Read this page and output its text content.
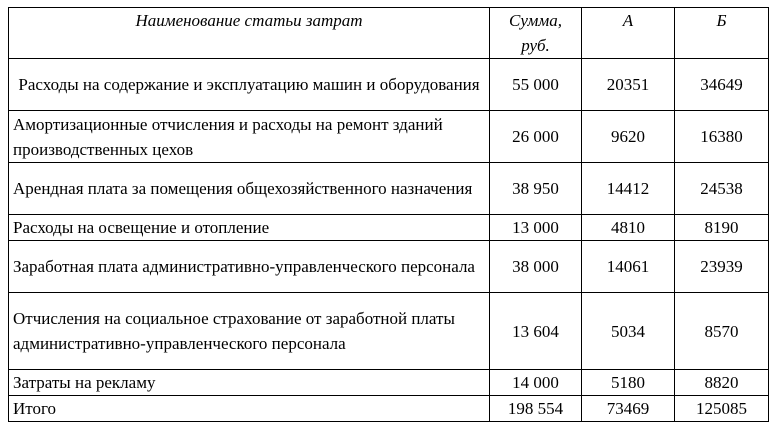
Наименование статьи затрат	Сумма, руб.	А	Б
Расходы на содержание и эксплуатацию машин и оборудования	55 000	20351	34649
Амортизационные отчисления и расходы на ремонт зданий производственных цехов	26 000	9620	16380
Арендная плата за помещения общехозяйственного назначения	38 950	14412	24538
Расходы на освещение и отопление	13 000	4810	8190
Заработная плата административно-управленческого персонала	38 000	14061	23939
Отчисления на социальное страхование от заработной платы административно-управленческого персонала	13 604	5034	8570
Затраты на рекламу	14 000	5180	8820
Итого	198 554	73469	125085
